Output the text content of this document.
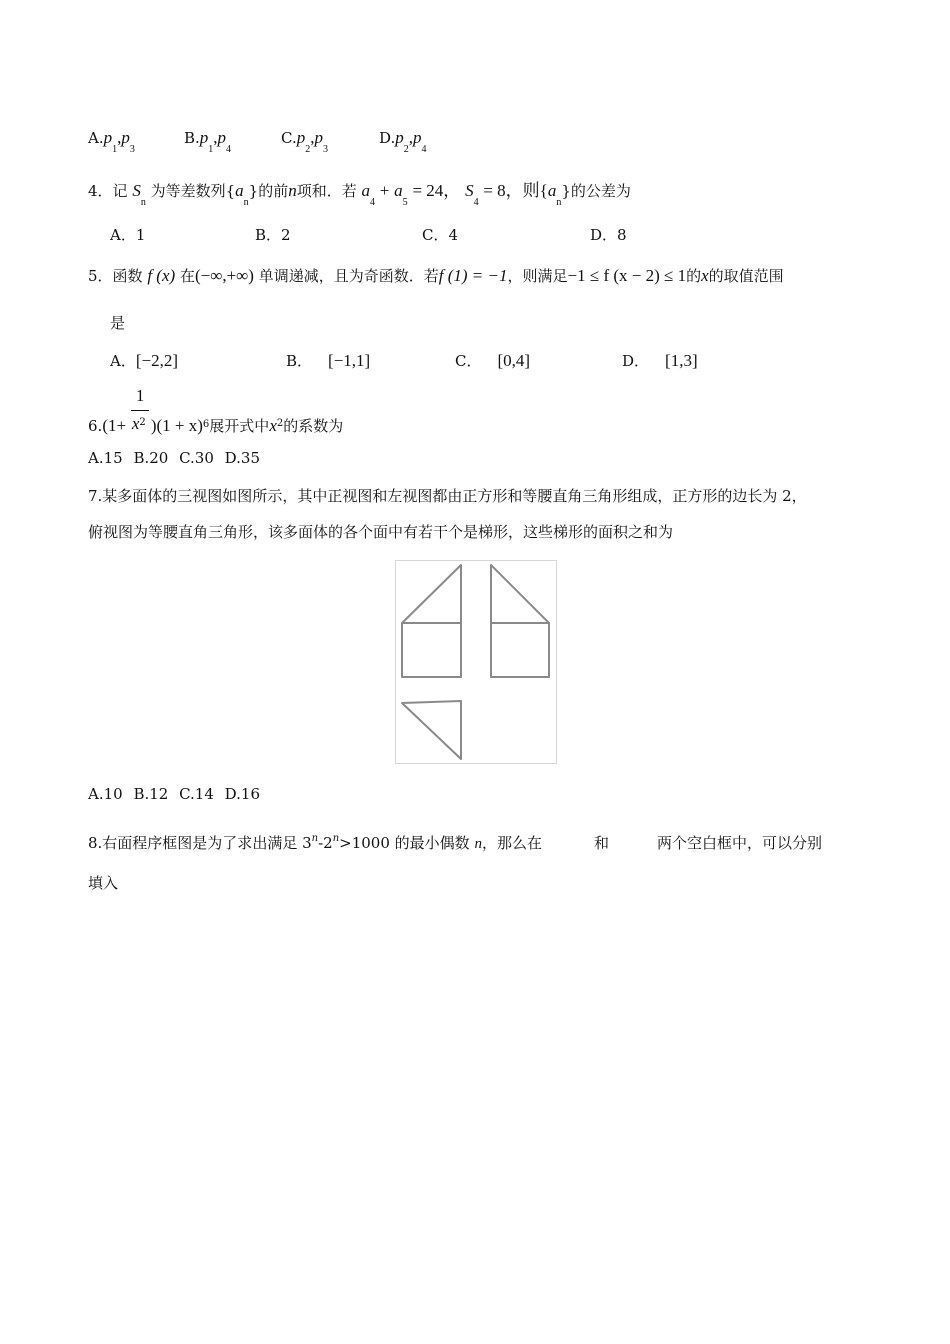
$A.p_1,p_3$
$B.p_1,p_4$
$C.p_2,p_3$
$D.p_2,p_4$
4．记 $S_n$ 为等差数列$\{a_n\}$的前n项和．若 $a_4 + a_5 = 24$， $S_4 = 8$，则$\{a_n\}$的公差为
A．1	B．2	C．4	D．8
5．函数 f (x) 在(−∞,+∞) 单调递减，且为奇函数．若f (1) = −1，则满足−1 ≤ f (x − 2) ≤ 1的x的取值范围
是
A．[−2,2]	B． [−1,1]	C． [0,4]	D． [1,3]
$6.(1+ \frac{1}{x^2} )(1 + x)_6$展开式中$x_2$的系数为
A.15 B.20 C.30 D.35
7.某多面体的三视图如图所示，其中正视图和左视图都由正方形和等腰直角三角形组成，正方形的边长为 2，
俯视图为等腰直角三角形，该多面体的各个面中有若干个是梯形，这些梯形的面积之和为
A.10 B.12 C.14 D.16
8.右面程序框图是为了求出满足 $3^n-2^n>1000$ 的最小偶数 n，那么在	和	两个空白框中，可以分别
填入
